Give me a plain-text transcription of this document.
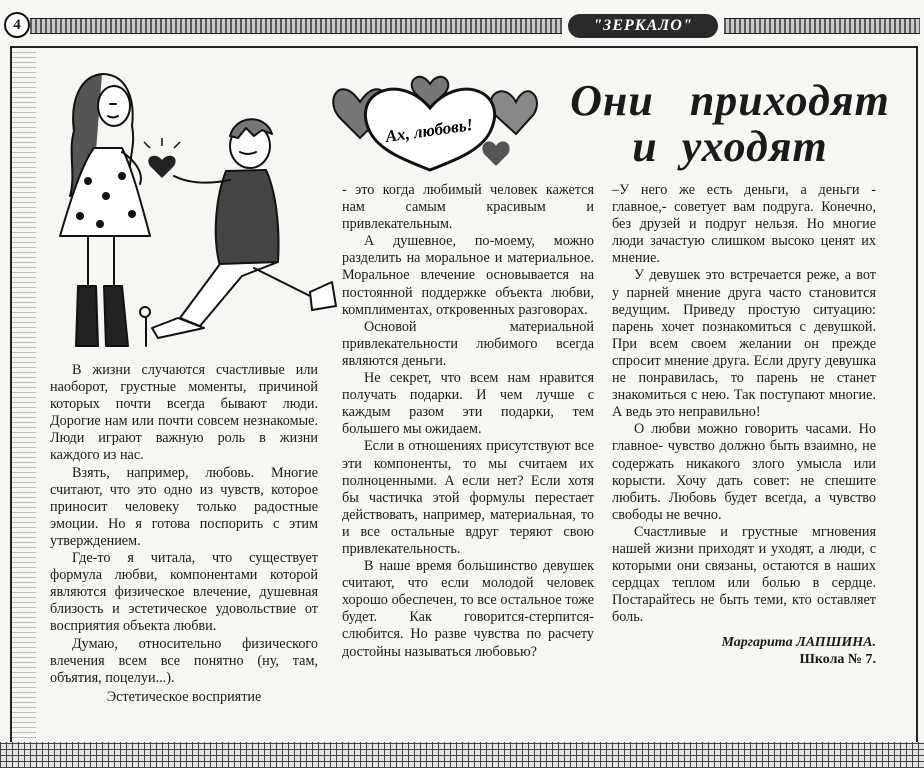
4	"ЗЕРКАЛО"
Ах, любовь!
Они   приходят
и  уходят

В жизни случаются счастливые или наоборот, грустные моменты, причиной которых почти всегда бывают люди. Дорогие нам или почти совсем незнакомые. Люди играют важную роль в жизни каждого из нас.

Взять, например, любовь. Многие считают, что это одно из чувств, которое приносит человеку только радостные эмоции. Но я готова поспорить с этим утверждением.

Где-то я читала, что существует формула любви, компонентами которой являются физическое влечение, душевная близость и эстетическое удовольствие от восприятия объекта любви.

Думаю, относительно физического влечения всем все понятно (ну, там, объятия, поцелуи...).

Эстетическое восприятие

- это когда любимый человек кажется нам самым красивым и привлекательным.

А душевное, по-моему, можно разделить на моральное и материальное. Моральное влечение основывается на постоянной поддержке объекта любви, комплиментах, откровенных разговорах.

Основой материальной привлекательности любимого всегда являются деньги.

Не секрет, что всем нам нравится получать подарки. И чем лучше с каждым разом эти подарки, тем большего мы ожидаем.

Если в отношениях присутствуют все эти компоненты, то мы считаем их полноценными. А если нет? Если хотя бы частичка этой формулы перестает действовать, например, материальная, то и все остальные вдруг теряют свою привлекательность.

В наше время большинство девушек считают, что если молодой человек хорошо обеспечен, то все остальное тоже будет. Как говорится-стерпится-слюбится. Но разве чувства по расчету достойны называться любовью?

–У него же есть деньги, а деньги - главное,- советует вам подруга. Конечно, без друзей и подруг нельзя. Но многие люди зачастую слишком высоко ценят их мнение.

У девушек это встречается реже, а вот у парней мнение друга часто становится ведущим. Приведу простую ситуацию: парень хочет познакомиться с девушкой. При всем своем желании он прежде спросит мнение друга. Если другу девушка не понравилась, то парень не станет знакомиться с нею. Так поступают многие. А ведь это неправильно!

О любви можно говорить часами. Но главное- чувство должно быть взаимно, не содержать никакого злого умысла или корысти. Хочу дать совет: не спешите любить. Любовь будет всегда, а чувство свободы не вечно.

Счастливые и грустные мгновения нашей жизни приходят и уходят, а люди, с которыми они связаны, остаются в наших сердцах теплом или болью в сердце. Постарайтесь не быть теми, кто оставляет боль.

Маргарита ЛАПШИНА.
Школа № 7.
